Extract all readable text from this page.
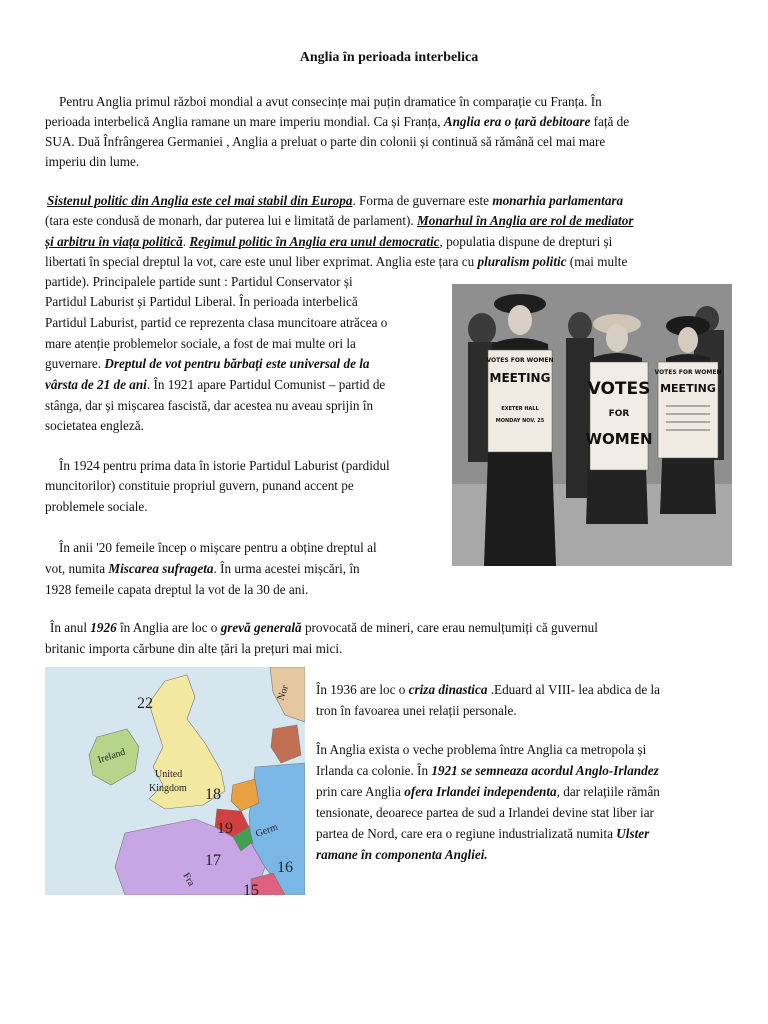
Anglia în perioada interbelica

Pentru Anglia primul război mondial a avut consecințe mai puțin dramatice în comparație cu Franța. În

perioada interbelică Anglia ramane un mare imperiu mondial. Ca și Franța, Anglia era o țară debitoare față de

SUA. Duă Înfrângerea Germaniei , Anglia a preluat o parte din colonii și continuă să rămână cel mai mare

imperiu din lume.

Sistenul politic din Anglia este cel mai stabil din Europa. Forma de guvernare este monarhia parlamentara

(tara este condusă de monarh, dar puterea lui e limitată de parlament). Monarhul în Anglia are rol de mediator

și arbitru în viața politică. Regimul politic în Anglia era unul democratic, populatia dispune de drepturi și

libertati în special dreptul la vot, care este unul liber exprimat. Anglia este țara cu pluralism politic (mai multe

partide). Principalele partide sunt : Partidul Conservator și

Partidul Laburist și Partidul Liberal. În perioada interbelică

Partidul Laburist, partid ce reprezenta clasa muncitoare atrăcea o

mare atenție problemelor sociale, a fost de mai multe ori la

guvernare. Dreptul de vot pentru bărbați este universal de la

vârsta de 21 de ani. În 1921 apare Partidul Comunist – partid de

stânga, dar și mișcarea fascistă, dar acestea nu aveau sprijin în

societatea engleză.

În 1924 pentru prima data în istorie Partidul Laburist (pardidul

muncitorilor) constituie propriul guvern, punand accent pe

problemele sociale.

În anii '20 femeile încep o mișcare pentru a obține dreptul al

vot, numita Miscarea sufrageta. În urma acestei mișcări, în

1928 femeile capata dreptul la vot de la 30 de ani.

În anul 1926 în Anglia are loc o grevă generală provocată de mineri, care erau nemulțumiți că guvernul

britanic importa cărbune din alte țări la prețuri mai mici.

În 1936 are loc o criza dinastica .Eduard al VIII- lea abdica de la

tron în favoarea unei relații personale.

În Anglia exista o veche problema între Anglia ca metropola și

Irlanda ca colonie. În 1921 se semneaza acordul Anglo-Irlandez

prin care Anglia ofera Irlandei independenta, dar relațiile rămân

tensionate, deoarece partea de sud a Irlandei devine stat liber iar

partea de Nord, care era o regiune industrializată numita Ulster

ramane în componenta Angliei.

VOTES FOR WOMEN
MEETING
EXETER HALL
MONDAY NOV. 25
VOTES
FOR
WOMEN
VOTES FOR WOMEN
MEETING
22
18
19
17	16
15
Ireland
United
Kingdom
Germ
Nor
Fra
